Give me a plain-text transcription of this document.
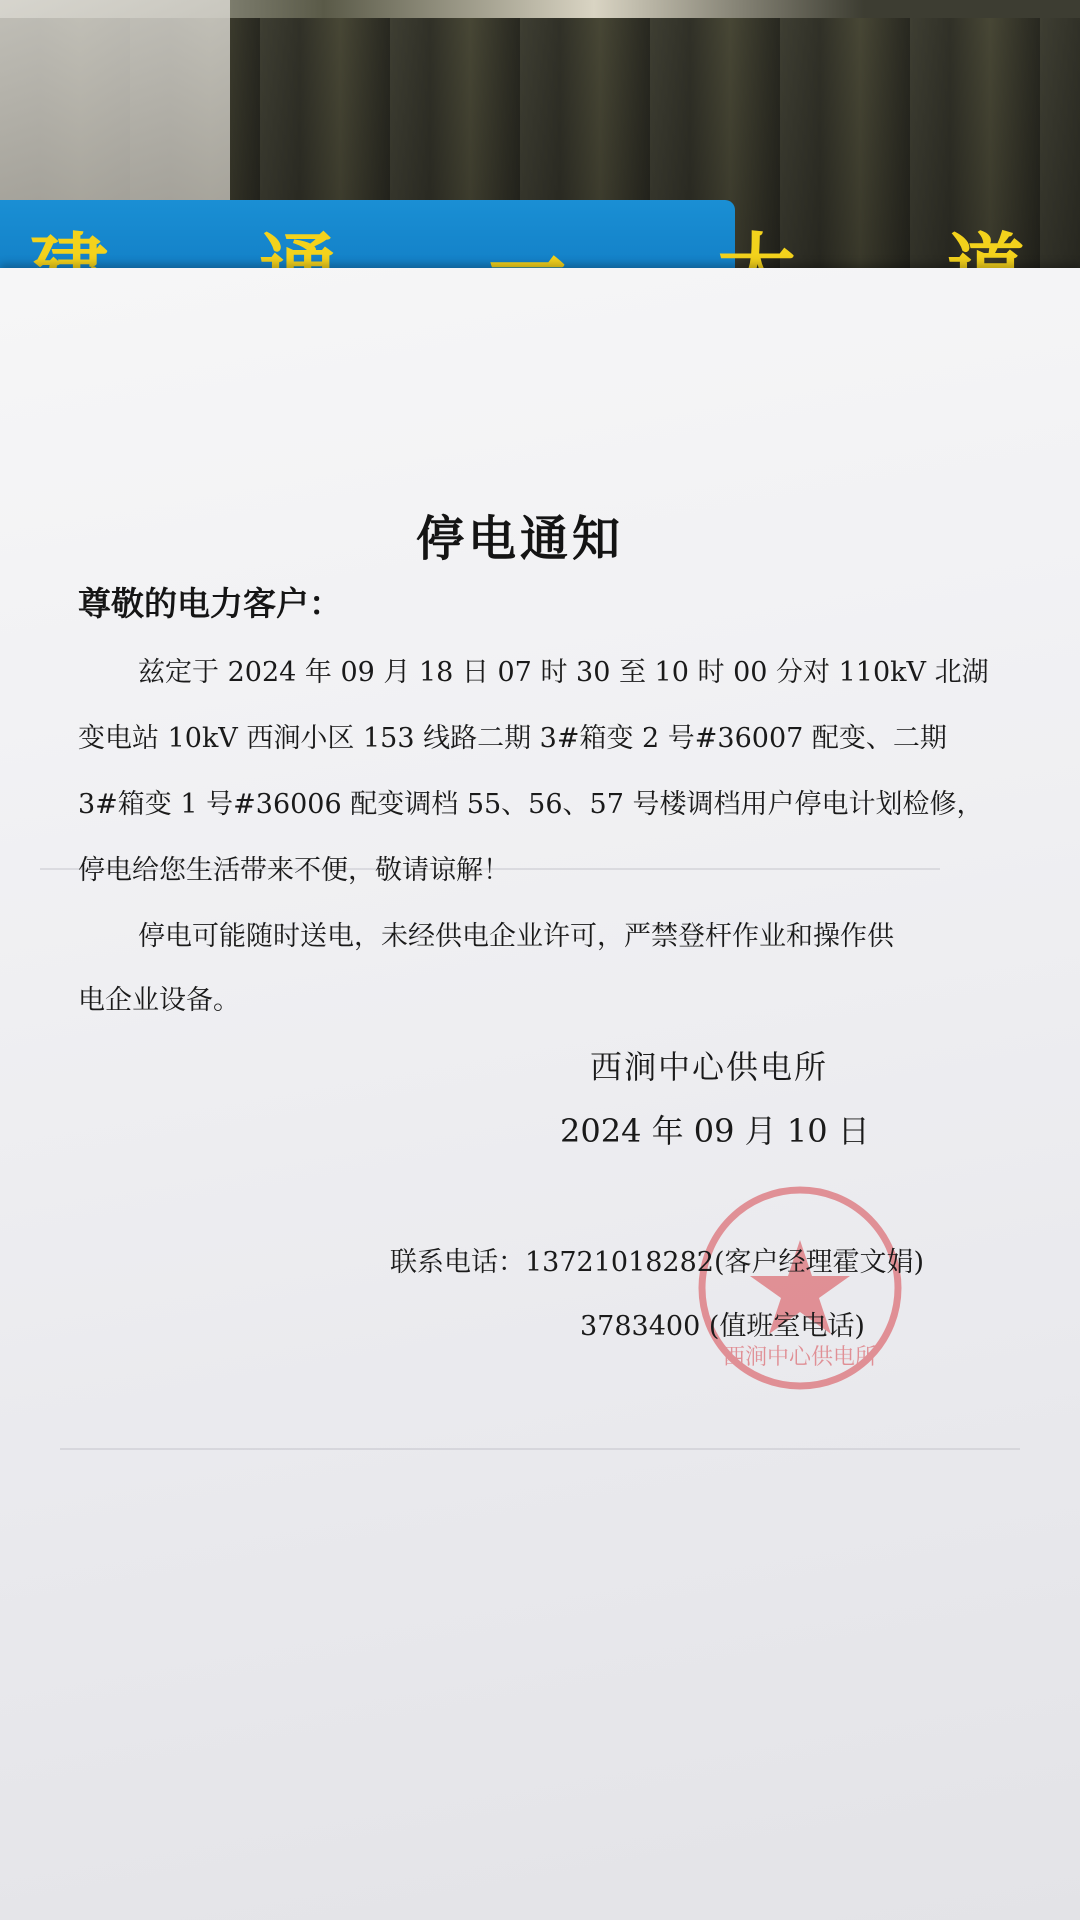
停电通知
尊敬的电力客户：
兹定于 2024 年 09 月 18 日 07 时 30 至 10 时 00 分对 110kV 北湖
变电站 10kV 西涧小区 153 线路二期 3#箱变 2 号#36007 配变、二期
3#箱变 1 号#36006 配变调档 55、56、57 号楼调档用户停电计划检修，
停电给您生活带来不便，敬请谅解！
停电可能随时送电，未经供电企业许可，严禁登杆作业和操作供
电企业设备。
西涧中心供电所
2024 年 09 月 10 日
西涧中心供电所
联系电话：13721018282(客户经理霍文娟)
3783400 (值班室电话)
